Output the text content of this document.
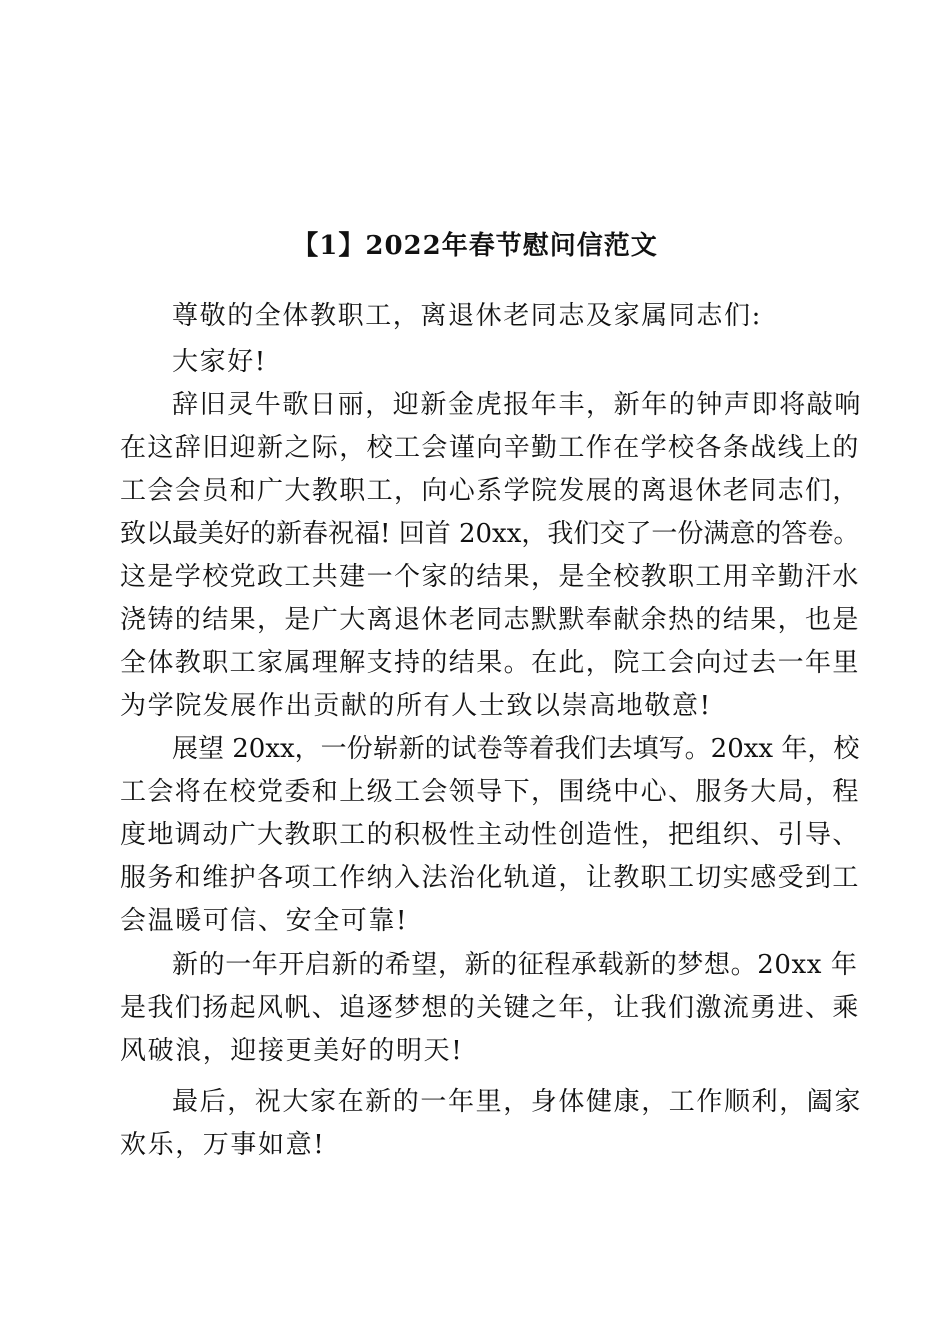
【1】2022年春节慰问信范文
尊敬的全体教职工，离退休老同志及家属同志们:
大家好!
辞旧灵牛歌日丽，迎新金虎报年丰，新年的钟声即将敲响
在这辞旧迎新之际，校工会谨向辛勤工作在学校各条战线上的
工会会员和广大教职工，向心系学院发展的离退休老同志们，
致以最美好的新春祝福! 回首 20xx，我们交了一份满意的答卷。
这是学校党政工共建一个家的结果，是全校教职工用辛勤汗水
浇铸的结果，是广大离退休老同志默默奉献余热的结果，也是
全体教职工家属理解支持的结果。在此，院工会向过去一年里
为学院发展作出贡献的所有人士致以崇高地敬意!
展望 20xx，一份崭新的试卷等着我们去填写。20xx 年，校
工会将在校党委和上级工会领导下，围绕中心、服务大局，程
度地调动广大教职工的积极性主动性创造性，把组织、引导、
服务和维护各项工作纳入法治化轨道，让教职工切实感受到工
会温暖可信、安全可靠!
新的一年开启新的希望，新的征程承载新的梦想。20xx 年
是我们扬起风帆、追逐梦想的关键之年，让我们激流勇进、乘
风破浪，迎接更美好的明天!
最后，祝大家在新的一年里，身体健康，工作顺利，阖家
欢乐，万事如意!
